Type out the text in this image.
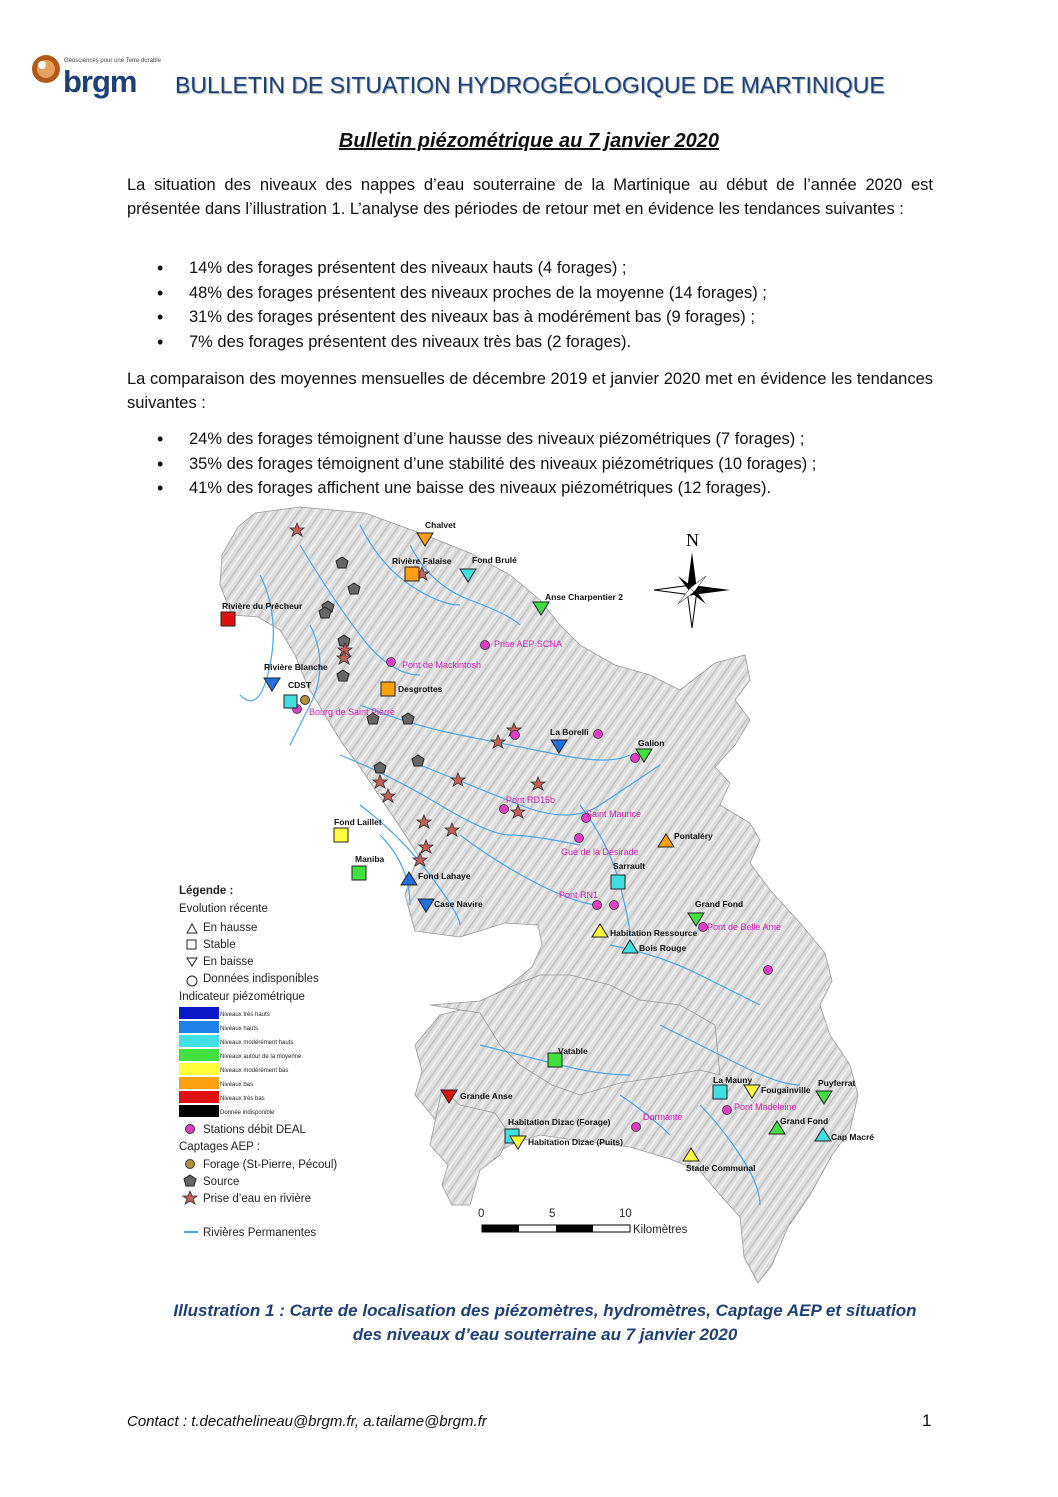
Géosciences pour une Terre durable
brgm BULLETIN DE SITUATION HYDROGÉOLOGIQUE DE MARTINIQUE
Bulletin piézométrique au 7 janvier 2020
La situation des niveaux des nappes d’eau souterraine de la Martinique au début de l’année 2020 est présentée dans l’illustration 1. L’analyse des périodes de retour met en évidence les tendances suivantes :
• 14% des forages présentent des niveaux hauts (4 forages) ;
• 48% des forages présentent des niveaux proches de la moyenne (14 forages) ;
• 31% des forages présentent des niveaux bas à modérément bas (9 forages) ;
• 7% des forages présentent des niveaux très bas (2 forages).
La comparaison des moyennes mensuelles de décembre 2019 et janvier 2020 met en évidence les tendances suivantes :
• 24% des forages témoignent d’une hausse des niveaux piézométriques (7 forages) ;
• 35% des forages témoignent d’une stabilité des niveaux piézométriques (10 forages) ;
• 41% des forages affichent une baisse des niveaux piézométriques (12 forages).
N
Chalvet
Rivière Falaise Fond Brulé
Anse Charpentier 2
Rivière du Prêcheur
Rivière Blanche
CDST	Desgrottes
La Borelli
Galion
Pontaléry
Fond Laillet
Sarrault
Maniba
Fond Lahaye
Case Navire	Grand Fond
Habitation Ressource
Bois Rouge
Vatable
Grande Anse
La Mauny
Fougainville
Puyferrat
Habitation Dizac (Forage)
Habitation Dizac (Puits)
Grand Fond
Cap Macré
Stade Communal
Prise AEP SCNA
Pont de Mackintosh
Bourg de Saint Pierre
Pont RD15b
Saint Maurice
Gué de la Désirade
Pont RN1
Pont de Belle Ame
Pont Madeleine
Dormante
Légende :
Evolution récente
En hausse
Stable
En baisse
Données indisponibles
Indicateur piézométrique
Niveaux très hauts
Niveaux hauts
Niveaux modérément hauts
Niveaux autour de la moyenne
Niveaux modérément bas
Niveaux bas
Niveaux très bas
Donnée indisponible
Stations débit DEAL
Captages AEP :
Forage (St-Pierre, Pécoul)
Source
Prise d’eau en rivière
Rivières Permanentes
0	5	10
Kilomètres
Illustration 1 : Carte de localisation des piézomètres, hydromètres, Captage AEP et situation
des niveaux d’eau souterraine au 7 janvier 2020
Contact : t.decathelineau@brgm.fr, a.tailame@brgm.fr	1
